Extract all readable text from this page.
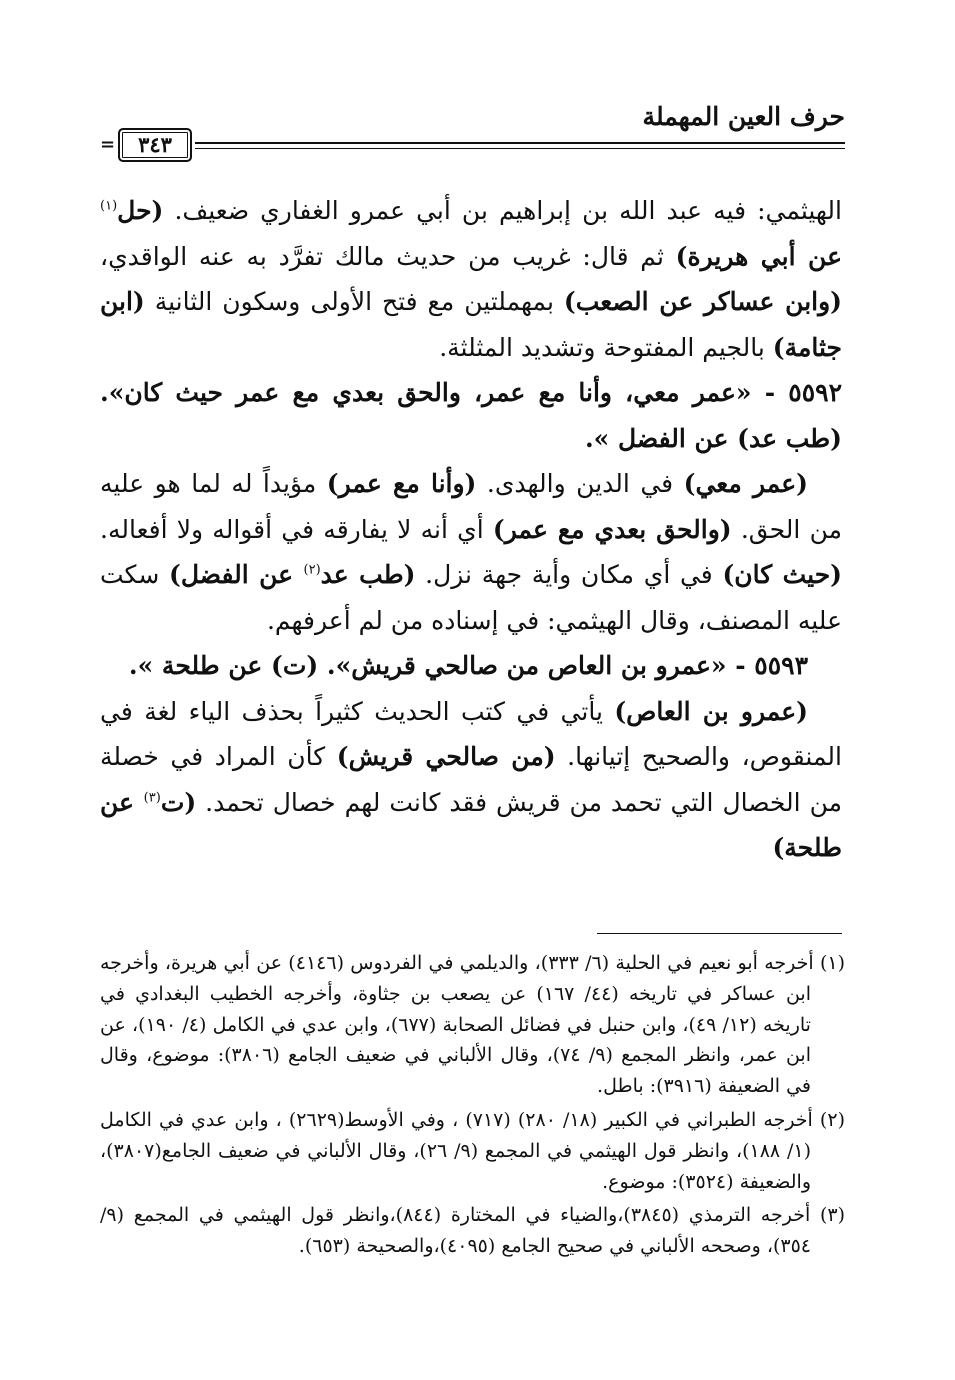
حرف العين المهملة
=	٣٤٣

الهيثمي: فيه عبد الله بن إبراهيم بن أبي عمرو الغفاري ضعيف. (حل$^{(١)}$ عن أبي هريرة) ثم قال: غريب من حديث مالك تفرَّد به عنه الواقدي، (وابن عساكر عن الصعب) بمهملتين مع فتح الأولى وسكون الثانية (ابن جثامة) بالجيم المفتوحة وتشديد المثلثة.

٥٥٩٢ - «عمر معي، وأنا مع عمر، والحق بعدي مع عمر حيث كان». (طب عد) عن الفضل ».

(عمر معي) في الدين والهدى. (وأنا مع عمر) مؤيداً له لما هو عليه من الحق. (والحق بعدي مع عمر) أي أنه لا يفارقه في أقواله ولا أفعاله. (حيث كان) في أي مكان وأية جهة نزل. (طب عد$^{(٢)}$ عن الفضل) سكت عليه المصنف، وقال الهيثمي: في إسناده من لم أعرفهم.

٥٥٩٣ - «عمرو بن العاص من صالحي قريش». (ت) عن طلحة ».

(عمرو بن العاص) يأتي في كتب الحديث كثيراً بحذف الياء لغة في المنقوص، والصحيح إتيانها. (من صالحي قريش) كأن المراد في خصلة من الخصال التي تحمد من قريش فقد كانت لهم خصال تحمد. (ت$^{(٣)}$ عن طلحة)

(١) أخرجه أبو نعيم في الحلية (٦/ ٣٣٣)، والديلمي في الفردوس (٤١٤٦) عن أبي هريرة، وأخرجه ابن عساكر في تاريخه (٤٤/ ١٦٧) عن يصعب بن جثاوة، وأخرجه الخطيب البغدادي في تاريخه (١٢/ ٤٩)، وابن حنبل في فضائل الصحابة (٦٧٧)، وابن عدي في الكامل (٤/ ١٩٠)، عن ابن عمر، وانظر المجمع (٩/ ٧٤)، وقال الألباني في ضعيف الجامع (٣٨٠٦): موضوع، وقال في الضعيفة (٣٩١٦): باطل.

(٢) أخرجه الطبراني في الكبير (١٨/ ٢٨٠) (٧١٧) ، وفي الأوسط(٢٦٢٩) ، وابن عدي في الكامل (١/ ١٨٨)، وانظر قول الهيثمي في المجمع (٩/ ٢٦)، وقال الألباني في ضعيف الجامع(٣٨٠٧)، والضعيفة (٣٥٢٤): موضوع.

(٣) أخرجه الترمذي (٣٨٤٥)،والضياء في المختارة (٨٤٤)،وانظر قول الهيثمي في المجمع (٩/ ٣٥٤)، وصححه الألباني في صحيح الجامع (٤٠٩٥)،والصحيحة (٦٥٣).
